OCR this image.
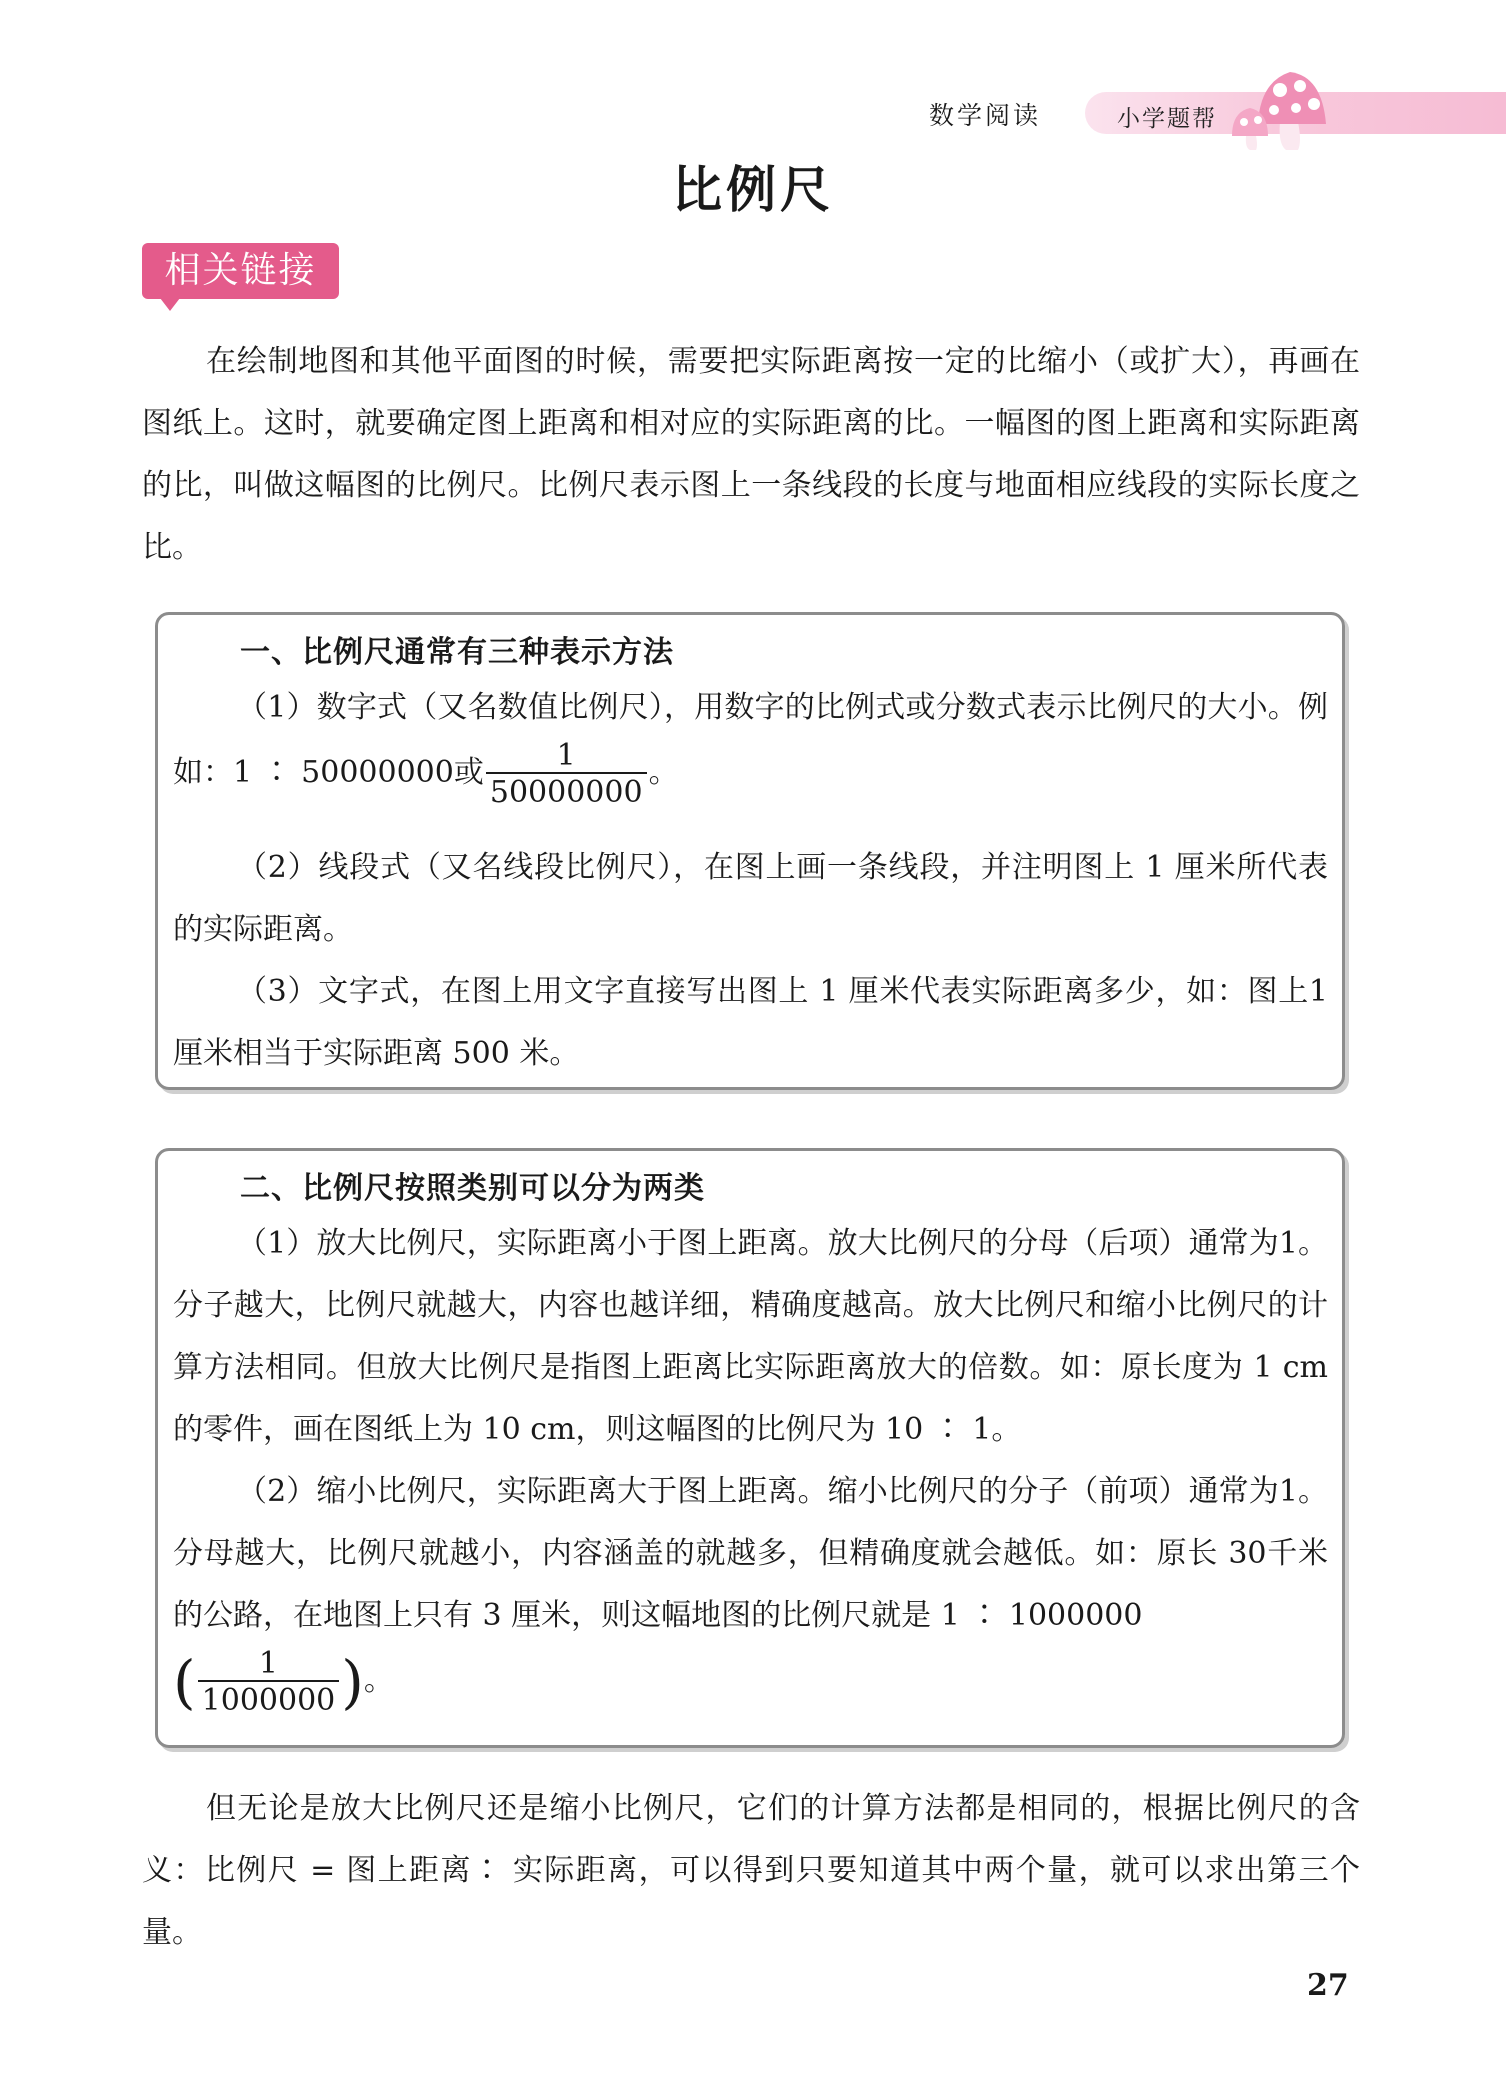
数学阅读	小学题帮
比例尺
相关链接

在绘制地图和其他平面图的时候，需要把实际距离按一定的比缩小（或扩大），再画在图纸上。这时，就要确定图上距离和相对应的实际距离的比。一幅图的图上距离和实际距离的比，叫做这幅图的比例尺。比例尺表示图上一条线段的长度与地面相应线段的实际长度之比。

一、比例尺通常有三种表示方法

（1）数字式（又名数值比例尺），用数字的比例式或分数式表示比例尺的大小。例如：1 ∶ 50000000或 $\frac{1}{50000000}$ 。

（2）线段式（又名线段比例尺），在图上画一条线段，并注明图上 1 厘米所代表的实际距离。

（3）文字式，在图上用文字直接写出图上 1 厘米代表实际距离多少，如：图上1 厘米相当于实际距离 500 米。

二、比例尺按照类别可以分为两类

（1）放大比例尺，实际距离小于图上距离。放大比例尺的分母（后项）通常为1。分子越大，比例尺就越大，内容也越详细，精确度越高。放大比例尺和缩小比例尺的计算方法相同。但放大比例尺是指图上距离比实际距离放大的倍数。如：原长度为 1 cm 的零件，画在图纸上为 10 cm，则这幅图的比例尺为 10 ∶ 1。

（2）缩小比例尺，实际距离大于图上距离。缩小比例尺的分子（前项）通常为1。分母越大，比例尺就越小，内容涵盖的就越多，但精确度就会越低。如：原长 30千米的公路，在地图上只有 3 厘米，则这幅地图的比例尺就是 1 ∶ 1000000
( $\frac{1}{1000000}$ )。

但无论是放大比例尺还是缩小比例尺，它们的计算方法都是相同的，根据比例尺的含义：比例尺 = 图上距离∶ 实际距离，可以得到只要知道其中两个量，就可以求出第三个量。

27
